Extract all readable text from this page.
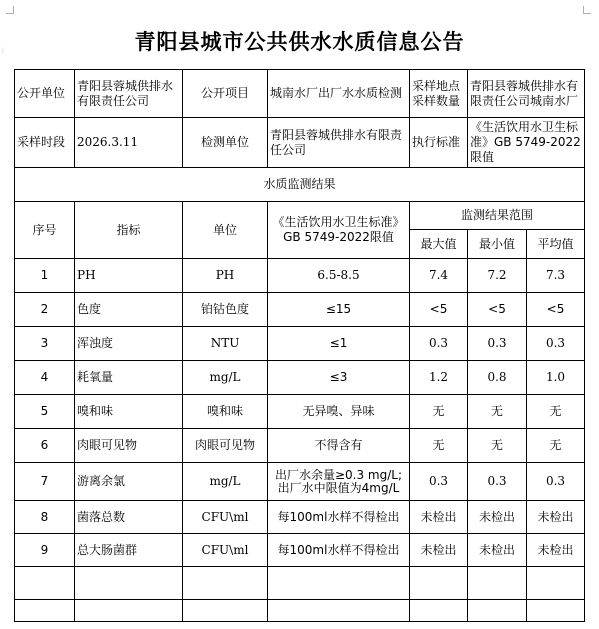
⋮	青阳县城市公共供水水质信息公告
公开单位	青阳县蓉城供排水有限责任公司	公开项目	城南水厂出厂水水质检测	采样地点采样数量	青阳县蓉城供排水有限责任公司城南水厂	
采样时段	2026.3.11	检测单位	青阳县蓉城供排水有限责任公司	执行标准	《生活饮用水卫生标准》GB 5749-2022限值	
水质监测结果						
序号	指标	单位	《生活饮用水卫生标准》GB 5749-2022限值	监测结果范围		
				最大值	最小值	平均值
1	PH	PH	6.5-8.5	7.4	7.2	7.3
2	色度	铂钴色度	≤15	<5	<5	<5
3	浑浊度	NTU	≤1	0.3	0.3	0.3
4	耗氧量	mg/L	≤3	1.2	0.8	1.0
5	嗅和味	嗅和味	无异嗅、异味	无	无	无
6	肉眼可见物	肉眼可见物	不得含有	无	无	无
7	游离余氯	mg/L	出厂水余量≥0.3 mg/L;出厂水中限值为4mg/L	0.3	0.3	0.3
8	菌落总数	CFU\ml	每100ml水样不得检出	未检出	未检出	未检出
9	总大肠菌群	CFU\ml	每100ml水样不得检出	未检出	未检出	未检出
